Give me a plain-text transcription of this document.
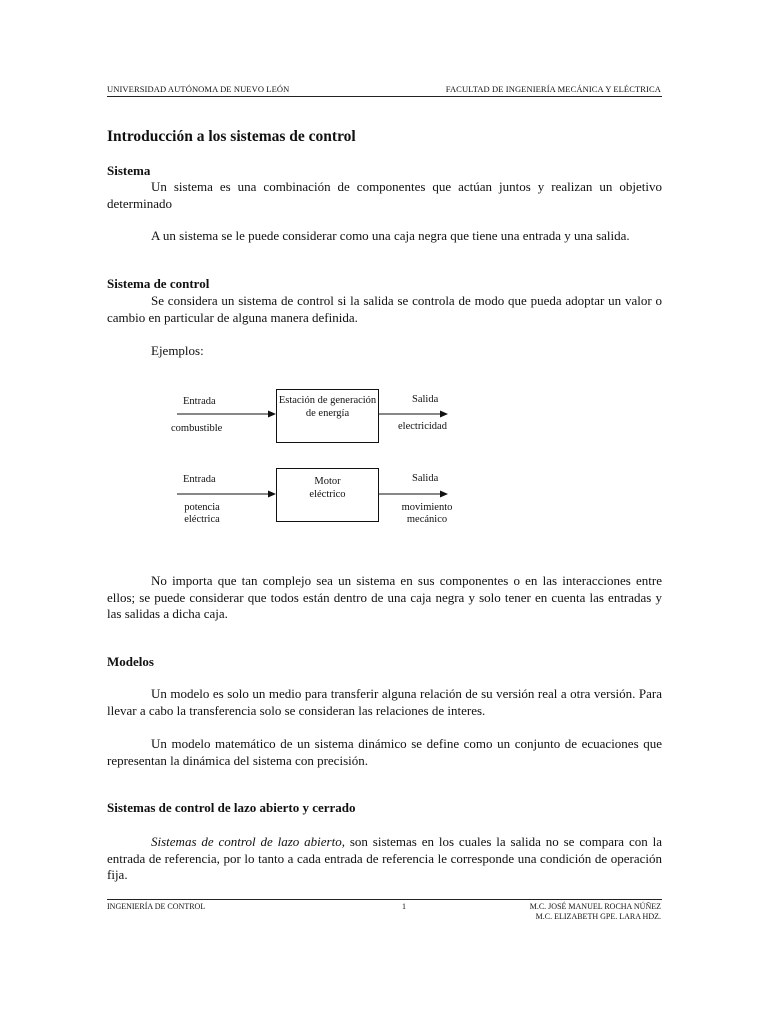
UNIVERSIDAD AUTÓNOMA DE NUEVO LEÓN	FACULTAD DE INGENIERÍA MECÁNICA Y ELÉCTRICA
Introducción a los sistemas de control
Sistema
Un sistema es una combinación de componentes que actúan juntos y realizan un objetivo determinado
A un sistema se le puede considerar como una caja negra que tiene una entrada y una salida.
Sistema de control
Se considera un sistema de control si la salida se controla de modo que pueda adoptar un valor o cambio en particular de alguna manera definida.
Ejemplos:
Entrada
combustible
Estación de generación de energía
Salida
electricidad
Entrada
potencia eléctrica
Motor eléctrico
Salida
movimiento mecánico
No importa que tan complejo sea un sistema en sus componentes o en las interacciones entre ellos; se puede considerar que todos están dentro de una caja negra y solo tener en cuenta las entradas y las salidas a dicha caja.
Modelos
Un modelo es solo un medio para transferir alguna relación de su versión real a otra versión. Para llevar a cabo la transferencia solo se consideran las relaciones de interes.
Un modelo matemático de un sistema dinámico se define como un conjunto de ecuaciones que representan la dinámica del sistema con precisión.
Sistemas de control de lazo abierto y cerrado
Sistemas de control de lazo abierto, son sistemas en los cuales la salida no se compara con la entrada de referencia, por lo tanto a cada entrada de referencia le corresponde una condición de operación fija.
INGENIERÍA DE CONTROL	1	M.C. JOSÉ MANUEL ROCHA NÚÑEZ
M.C. ELIZABETH GPE. LARA HDZ.
